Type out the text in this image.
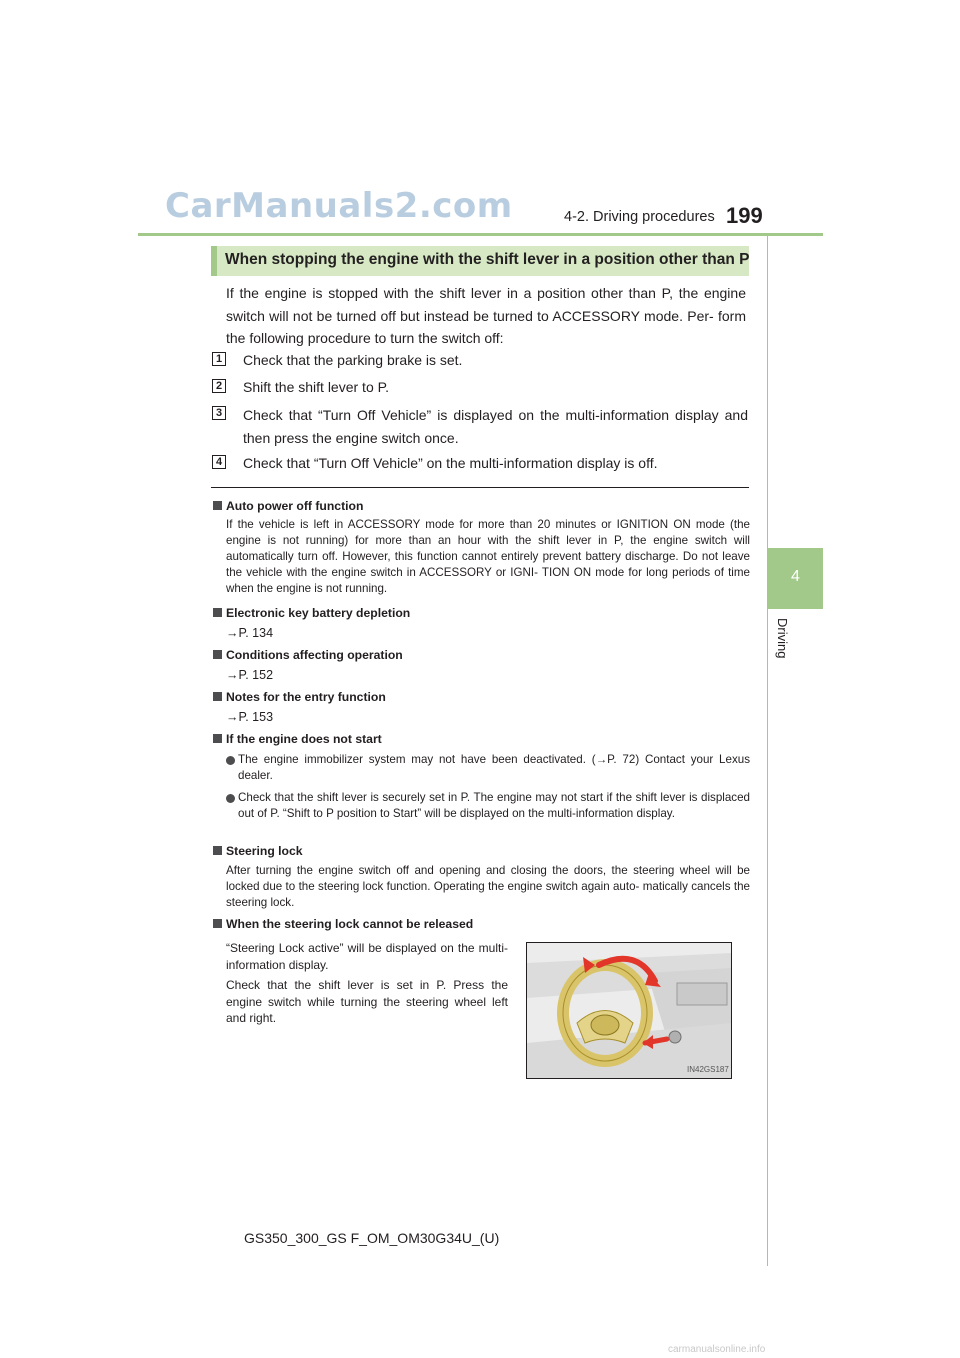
CarManuals2.com	4-2. Driving procedures 199
4
Driving
When stopping the engine with the shift lever in a position other than P
If the engine is stopped with the shift lever in a position other than P, the engine switch will not be turned off but instead be turned to ACCESSORY mode. Per- form the following procedure to turn the switch off:
1 Check that the parking brake is set.
2 Shift the shift lever to P.
3 Check that “Turn Off Vehicle” is displayed on the multi-information display and then press the engine switch once.
4 Check that “Turn Off Vehicle” on the multi-information display is off.
Auto power off function
If the vehicle is left in ACCESSORY mode for more than 20 minutes or IGNITION ON mode (the engine is not running) for more than an hour with the shift lever in P, the engine switch will automatically turn off. However, this function cannot entirely prevent battery discharge. Do not leave the vehicle with the engine switch in ACCESSORY or IGNI- TION ON mode for long periods of time when the engine is not running.
Electronic key battery depletion
→P. 134
Conditions affecting operation
→P. 152
Notes for the entry function
→P. 153
If the engine does not start
The engine immobilizer system may not have been deactivated. (→P. 72) Contact your Lexus dealer.
Check that the shift lever is securely set in P. The engine may not start if the shift lever is displaced out of P. “Shift to P position to Start” will be displayed on the multi-information display.
Steering lock
After turning the engine switch off and opening and closing the doors, the steering wheel will be locked due to the steering lock function. Operating the engine switch again auto- matically cancels the steering lock.
When the steering lock cannot be released
“Steering Lock active” will be displayed on the multi-information display.
Check that the shift lever is set in P. Press the engine switch while turning the steering wheel left and right.
IN42GS187
GS350_300_GS F_OM_OM30G34U_(U)
carmanualsonline.info
